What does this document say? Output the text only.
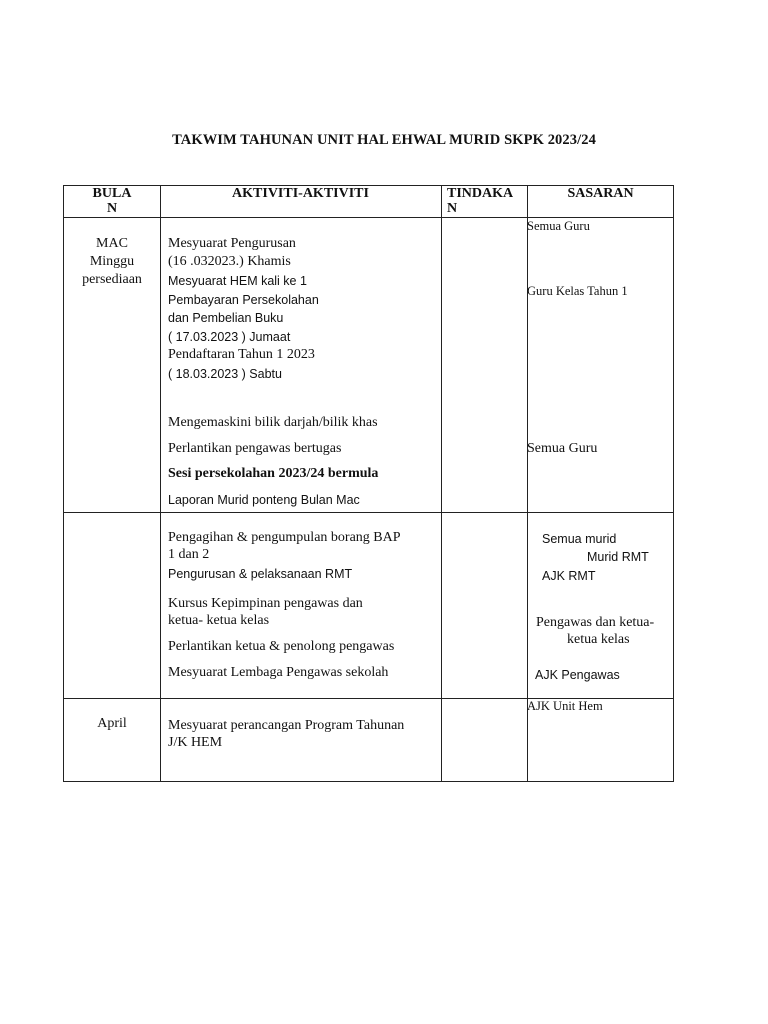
TAKWIM TAHUNAN UNIT HAL EHWAL MURID SKPK 2023/24
BULA
N
AKTIVITI-AKTIVITI	TINDAKA
N
SASARAN
MAC
Minggu
persediaan
Mesyuarat Pengurusan
(16 .032023.) Khamis
Mesyuarat HEM kali ke 1
Pembayaran Persekolahan
dan Pembelian Buku
( 17.03.2023 ) Jumaat
Pendaftaran Tahun 1 2023
( 18.03.2023 ) Sabtu
Mengemaskini bilik darjah/bilik khas
Perlantikan pengawas bertugas
Sesi persekolahan 2023/24 bermula
Laporan Murid ponteng Bulan Mac
Semua Guru
Guru Kelas Tahun 1
Semua Guru
Pengagihan & pengumpulan borang BAP
1 dan 2
Pengurusan & pelaksanaan RMT
Kursus Kepimpinan pengawas dan
ketua- ketua kelas
Perlantikan ketua & penolong pengawas
Mesyuarat Lembaga Pengawas sekolah
Semua murid
Murid RMT
AJK RMT
Pengawas dan ketua-
ketua kelas
AJK Pengawas
April	Mesyuarat perancangan Program Tahunan
J/K HEM
AJK Unit Hem
